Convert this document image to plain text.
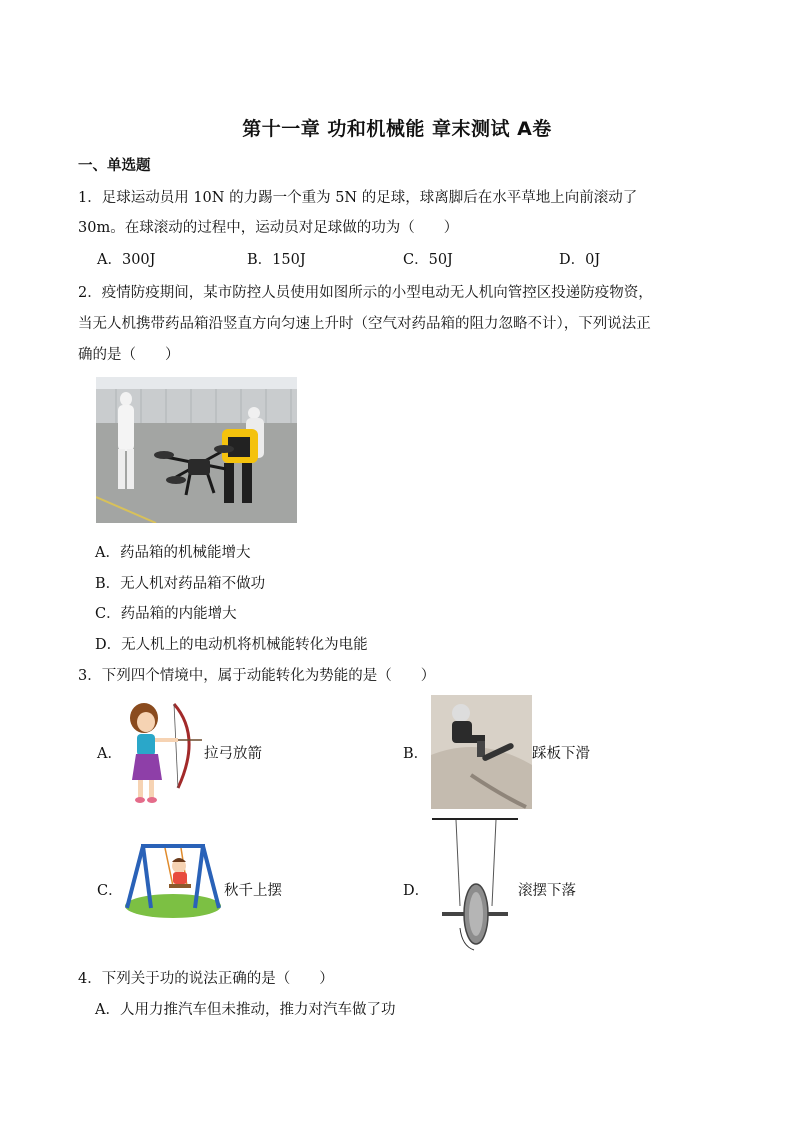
第十一章 功和机械能 章末测试 A卷
一、单选题
1．足球运动员用 10N 的力踢一个重为 5N 的足球，球离脚后在水平草地上向前滚动了
30m。在球滚动的过程中，运动员对足球做的功为（　　）
A．300J	B．150J	C．50J	D．0J
2．疫情防疫期间，某市防控人员使用如图所示的小型电动无人机向管控区投递防疫物资，
当无人机携带药品箱沿竖直方向匀速上升时（空气对药品箱的阻力忽略不计），下列说法正
确的是（　　）
A．药品箱的机械能增大
B．无人机对药品箱不做功
C．药品箱的内能增大
D．无人机上的电动机将机械能转化为电能
3．下列四个情境中，属于动能转化为势能的是（　　）
A．	拉弓放箭	B．	踩板下滑
C．	秋千上摆	D．	滚摆下落
4．下列关于功的说法正确的是（　　）
A．人用力推汽车但未推动，推力对汽车做了功
